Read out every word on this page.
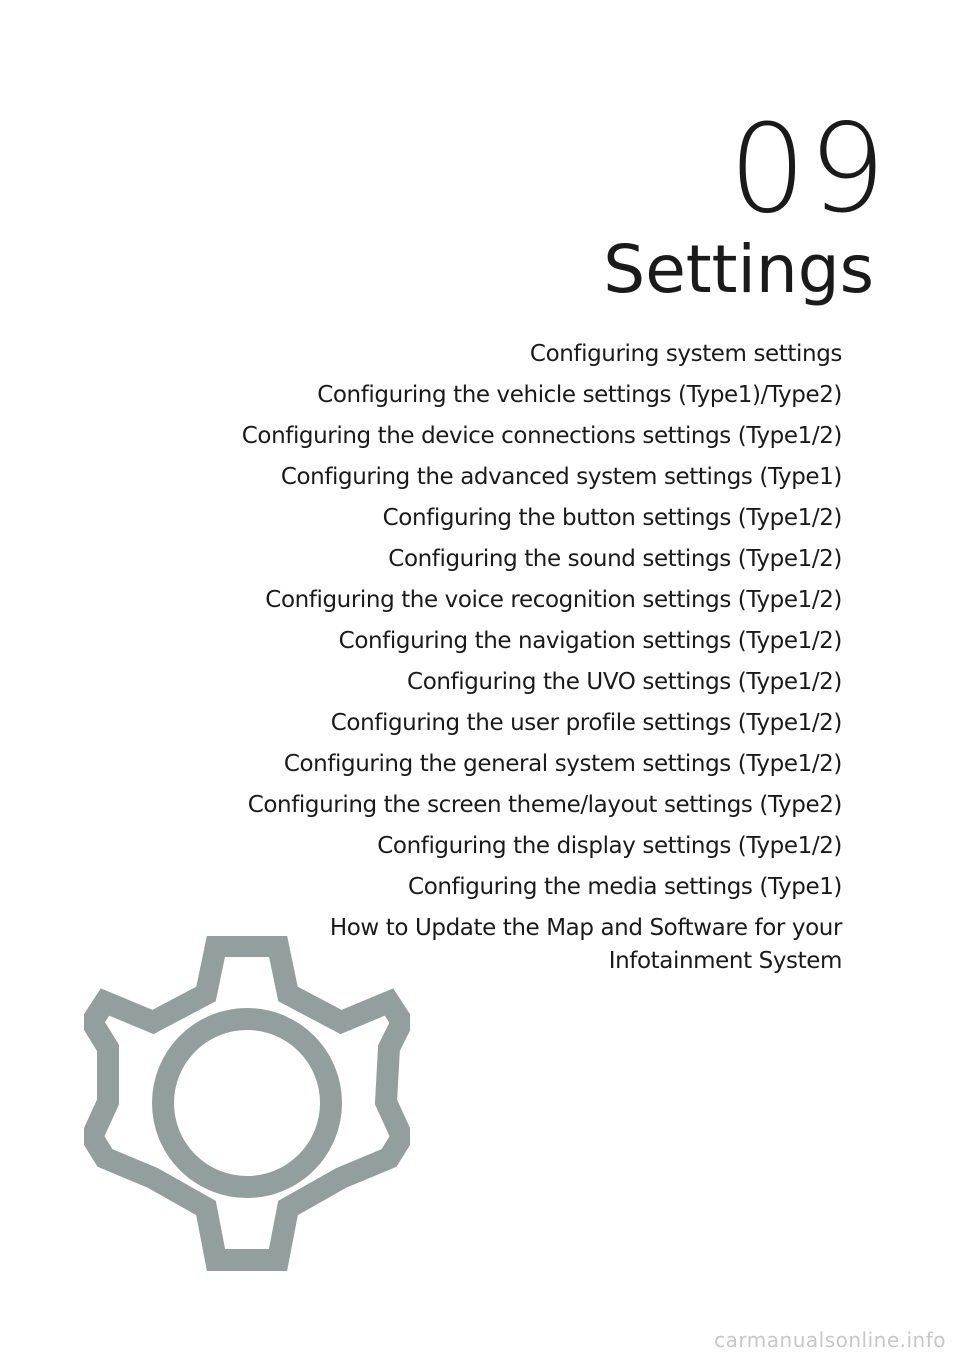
09
Settings
Configuring system settings
Configuring the vehicle settings (Type1)/Type2)
Configuring the device connections settings (Type1/2)
Configuring the advanced system settings (Type1)
Configuring the button settings (Type1/2)
Configuring the sound settings (Type1/2)
Configuring the voice recognition settings (Type1/2)
Configuring the navigation settings (Type1/2)
Configuring the UVO settings (Type1/2)
Configuring the user profile settings (Type1/2)
Configuring the general system settings (Type1/2)
Configuring the screen theme/layout settings (Type2)
Configuring the display settings (Type1/2)
Configuring the media settings (Type1)
How to Update the Map and Software for your
Infotainment System
carmanualsonline.info
